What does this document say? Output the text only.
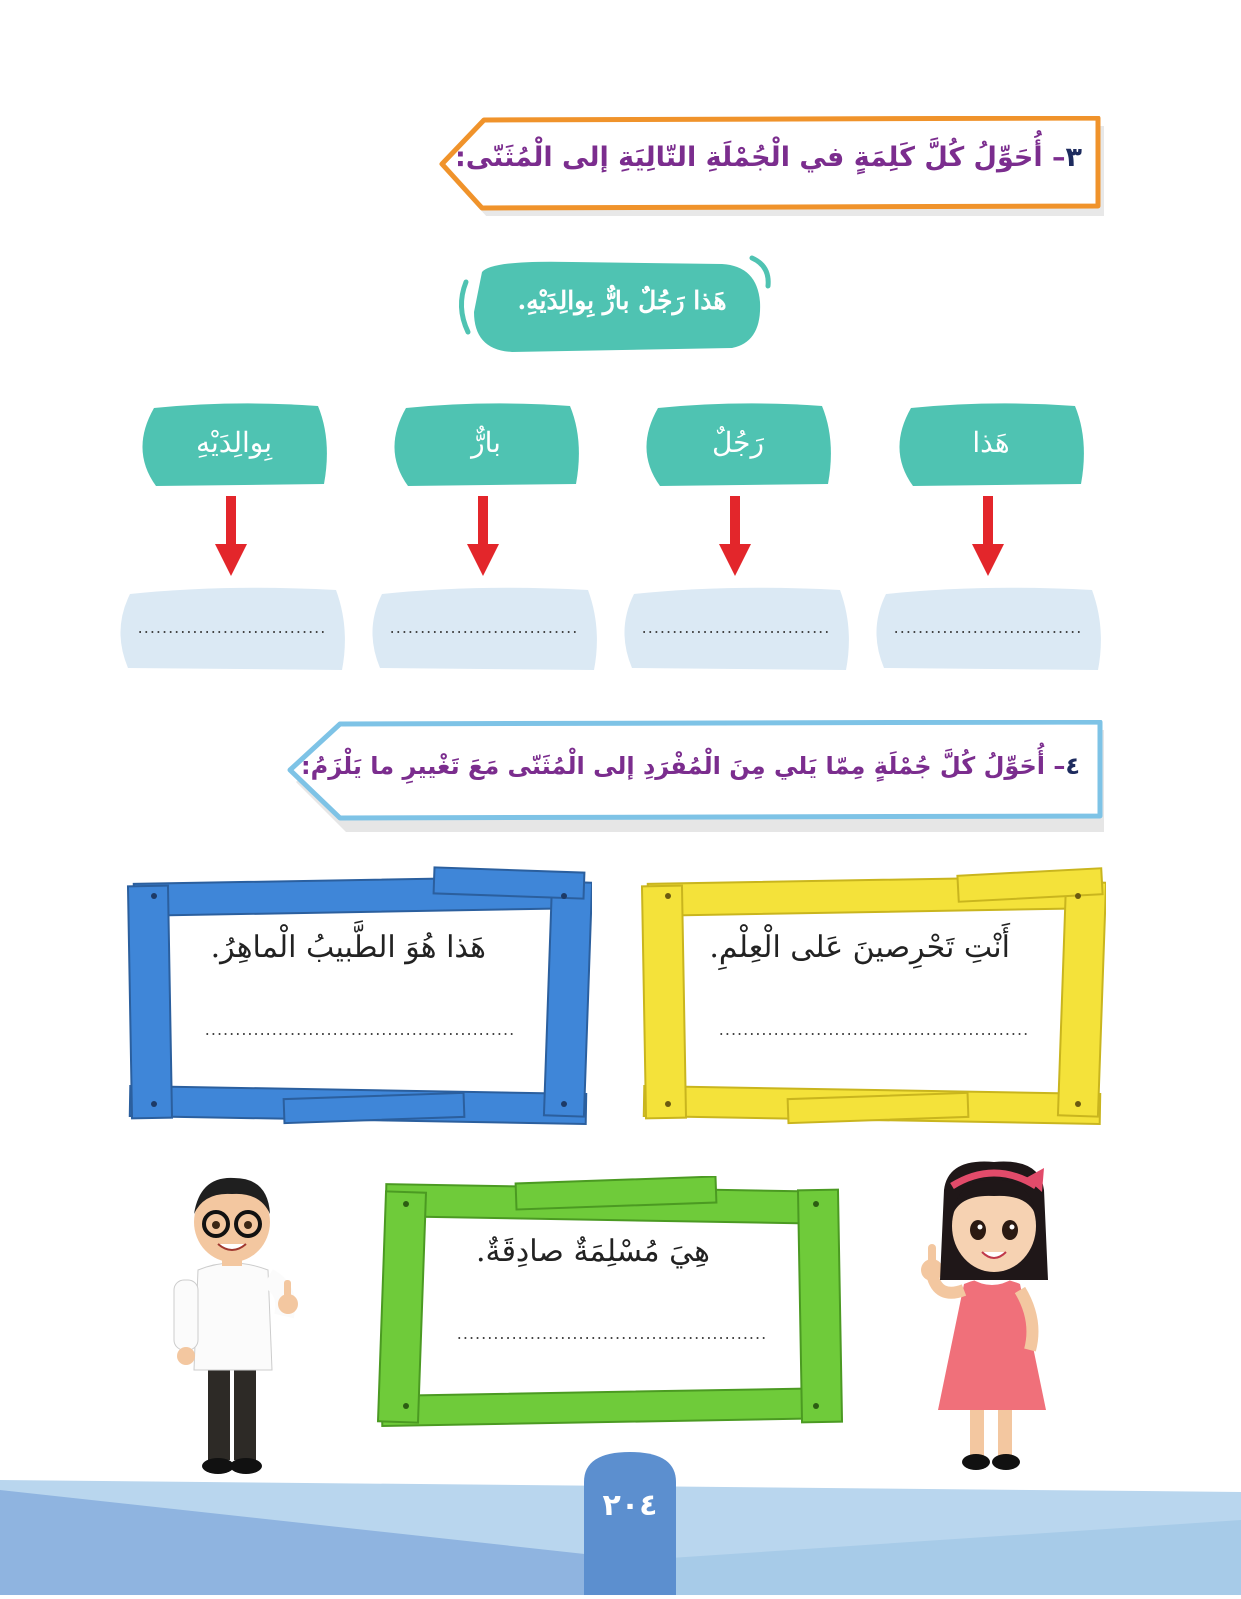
٣– أُحَوِّلُ كُلَّ كَلِمَةٍ في الْجُمْلَةِ التّالِيَةِ إلى الْمُثَنّى:
هَذا رَجُلٌ بارٌّ بِوالِدَيْهِ.
هَذا
رَجُلٌ
بارٌّ
بِوالِدَيْهِ
...............................
...............................
...............................
...............................
٤– أُحَوِّلُ كُلَّ جُمْلَةٍ مِمّا يَلي مِنَ الْمُفْرَدِ إلى الْمُثَنّى مَعَ تَغْييرِ ما يَلْزَمُ:
أَنْتِ تَحْرِصينَ عَلى الْعِلْمِ.
...................................................
هَذا هُوَ الطَّبيبُ الْماهِرُ.
...................................................
هِيَ مُسْلِمَةٌ صادِقَةٌ.
...................................................
٢٠٤
